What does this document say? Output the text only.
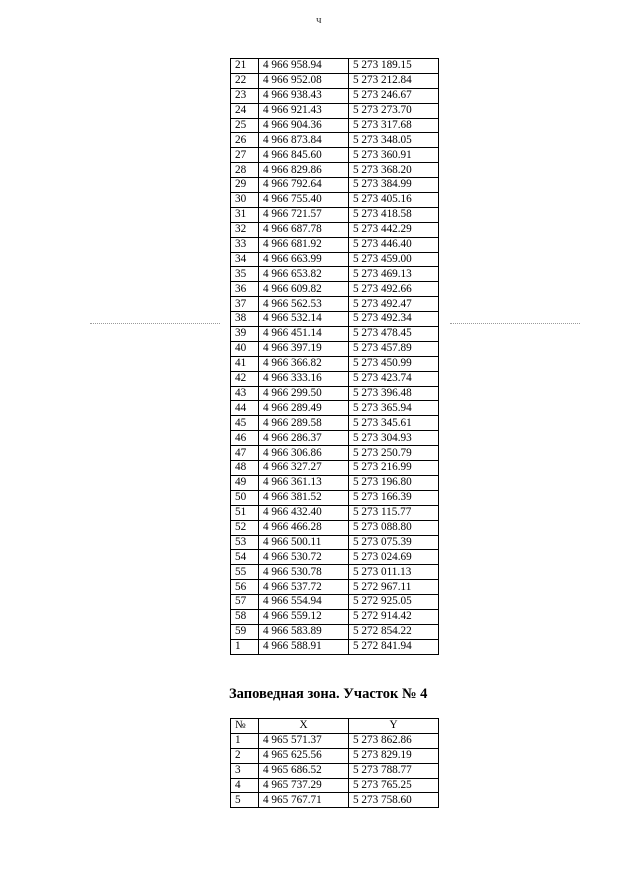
ч
21	4 966 958.94	5 273 189.15
22	4 966 952.08	5 273 212.84
23	4 966 938.43	5 273 246.67
24	4 966 921.43	5 273 273.70
25	4 966 904.36	5 273 317.68
26	4 966 873.84	5 273 348.05
27	4 966 845.60	5 273 360.91
28	4 966 829.86	5 273 368.20
29	4 966 792.64	5 273 384.99
30	4 966 755.40	5 273 405.16
31	4 966 721.57	5 273 418.58
32	4 966 687.78	5 273 442.29
33	4 966 681.92	5 273 446.40
34	4 966 663.99	5 273 459.00
35	4 966 653.82	5 273 469.13
36	4 966 609.82	5 273 492.66
37	4 966 562.53	5 273 492.47
38	4 966 532.14	5 273 492.34
39	4 966 451.14	5 273 478.45
40	4 966 397.19	5 273 457.89
41	4 966 366.82	5 273 450.99
42	4 966 333.16	5 273 423.74
43	4 966 299.50	5 273 396.48
44	4 966 289.49	5 273 365.94
45	4 966 289.58	5 273 345.61
46	4 966 286.37	5 273 304.93
47	4 966 306.86	5 273 250.79
48	4 966 327.27	5 273 216.99
49	4 966 361.13	5 273 196.80
50	4 966 381.52	5 273 166.39
51	4 966 432.40	5 273 115.77
52	4 966 466.28	5 273 088.80
53	4 966 500.11	5 273 075.39
54	4 966 530.72	5 273 024.69
55	4 966 530.78	5 273 011.13
56	4 966 537.72	5 272 967.11
57	4 966 554.94	5 272 925.05
58	4 966 559.12	5 272 914.42
59	4 966 583.89	5 272 854.22
1	4 966 588.91	5 272 841.94
Заповедная зона. Участок № 4
№	X	Y
1	4 965 571.37	5 273 862.86
2	4 965 625.56	5 273 829.19
3	4 965 686.52	5 273 788.77
4	4 965 737.29	5 273 765.25
5	4 965 767.71	5 273 758.60
